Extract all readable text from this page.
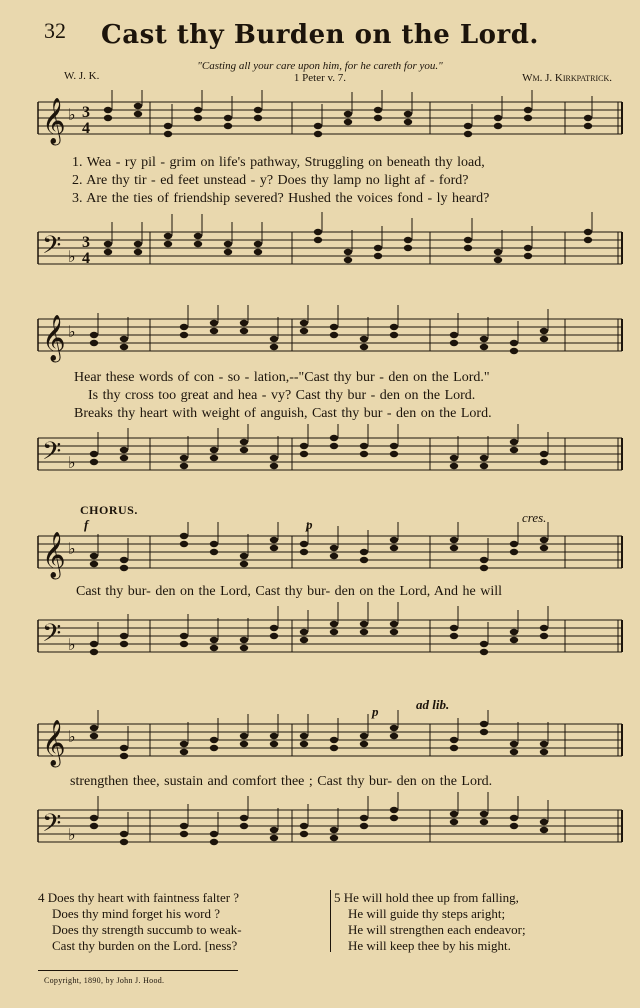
32	Cast thy Burden on the Lord.
W. J. K.
"Casting all your care upon him, for he careth for you."
1 Peter v. 7.	Wm. J. Kirkpatrick.
𝄞 ♭ 3
4
1. Wea - ry pil - grim on life's pathway, Struggling on beneath thy load,
2. Are thy tir - ed feet unstead - y? Does thy lamp no light af - ford?
3. Are the ties of friendship severed? Hushed the voices fond - ly heard?
𝄢 ♭
3
4
𝄞 ♭
Hear these words of con - so - lation,--"Cast thy bur - den on the Lord."
Is thy cross too great and hea - vy? Cast thy bur - den on the Lord.
Breaks thy heart with weight of anguish, Cast thy bur - den on the Lord.
𝄢 ♭
CHORUS.
f	p	cres.
𝄞 ♭
Cast thy bur- den on the Lord, Cast thy bur- den on the Lord, And he will
𝄢 ♭
p	ad lib.
𝄞 ♭
strengthen thee, sustain and comfort thee ; Cast thy bur- den on the Lord.
𝄢 ♭
4 Does thy heart with faintness falter ?
Does thy mind forget his word ?
Does thy strength succumb to weak-
Cast thy burden on the Lord. [ness?
5 He will hold thee up from falling,
He will guide thy steps aright;
He will strengthen each endeavor;
He will keep thee by his might.
Copyright, 1890, by John J. Hood.
